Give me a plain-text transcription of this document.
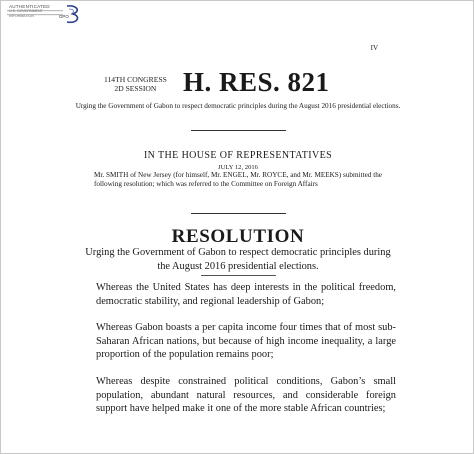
AUTHENTICATED
U.S. GOVERNMENT
INFORMATION	GPO
IV
114TH CONGRESS
2D SESSION H. RES. 821
Urging the Government of Gabon to respect democratic principles during the August 2016 presidential elections.
IN THE HOUSE OF REPRESENTATIVES
JULY 12, 2016
Mr. SMITH of New Jersey (for himself, Mr. ENGEL, Mr. ROYCE, and Mr. MEEKS) submitted the following resolution; which was referred to the Committee on Foreign Affairs
RESOLUTION
Urging the Government of Gabon to respect democratic principles during the August 2016 presidential elections.
Whereas the United States has deep interests in the political freedom, democratic stability, and regional leadership of Gabon;
Whereas Gabon boasts a per capita income four times that of most sub-Saharan African nations, but because of high income inequality, a large proportion of the population remains poor;
Whereas despite constrained political conditions, Gabon’s small population, abundant natural resources, and considerable foreign support have helped make it one of the more stable African countries;
